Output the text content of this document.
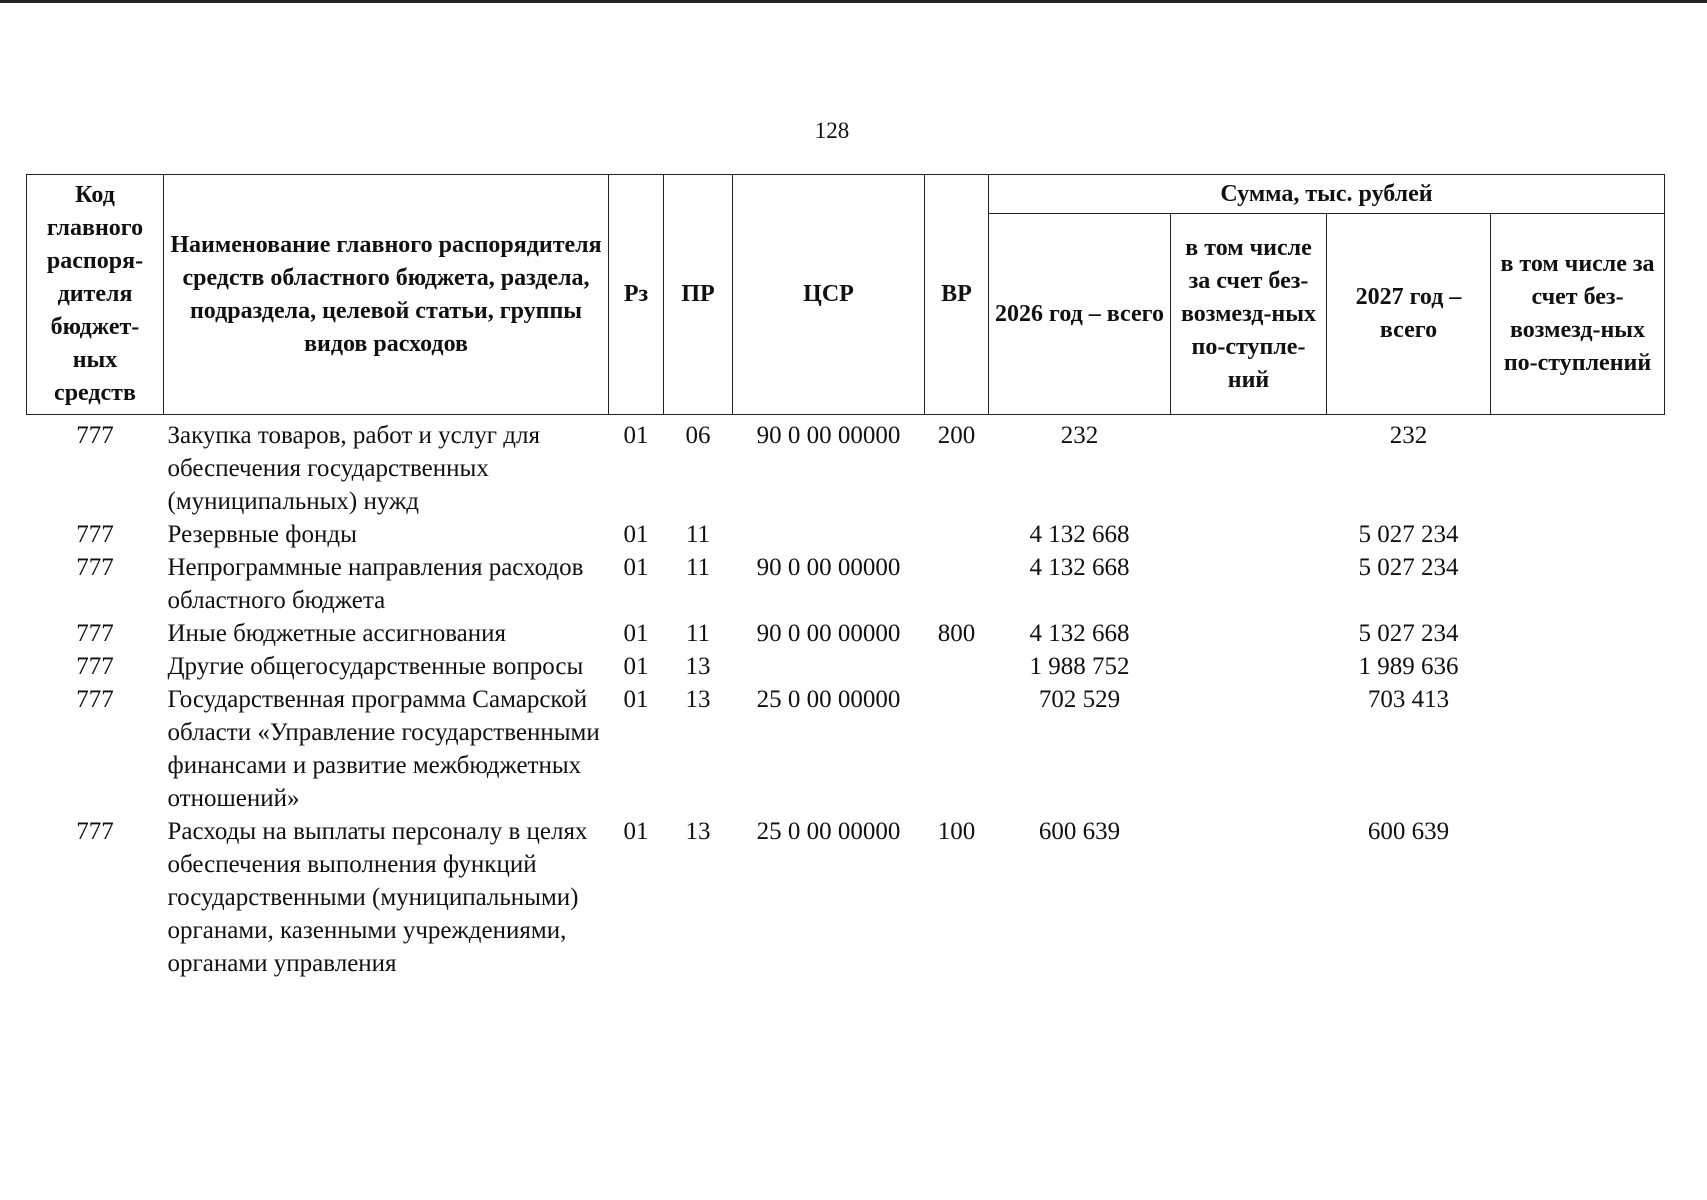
128
Код главного распоря-дителя бюджет-ных средств	Наименование главного распорядителя средств областного бюджета, раздела, подраздела, целевой статьи, группы видов расходов	Рз	ПР	ЦСР	ВР	Сумма, тыс. рублей			
						2026 год – всего	в том числе за счет без-возмезд-ных по-ступле-ний	2027 год – всего	в том числе за счет без-возмезд-ных по-ступлений
777	Закупка товаров, работ и услуг для обеспечения государственных (муниципальных) нужд	01	06	90 0 00 00000	200	232		232	
777	Резервные фонды	01	11			4 132 668		5 027 234	
777	Непрограммные направления расходов областного бюджета	01	11	90 0 00 00000		4 132 668		5 027 234	
777	Иные бюджетные ассигнования	01	11	90 0 00 00000	800	4 132 668		5 027 234	
777	Другие общегосударственные вопросы	01	13			1 988 752		1 989 636	
777	Государственная программа Самарской области «Управление государственными финансами и развитие межбюджетных отношений»	01	13	25 0 00 00000		702 529		703 413	
777	Расходы на выплаты персоналу в целях обеспечения выполнения функций государственными (муниципальными) органами, казенными учреждениями, органами управления	01	13	25 0 00 00000	100	600 639		600 639	
